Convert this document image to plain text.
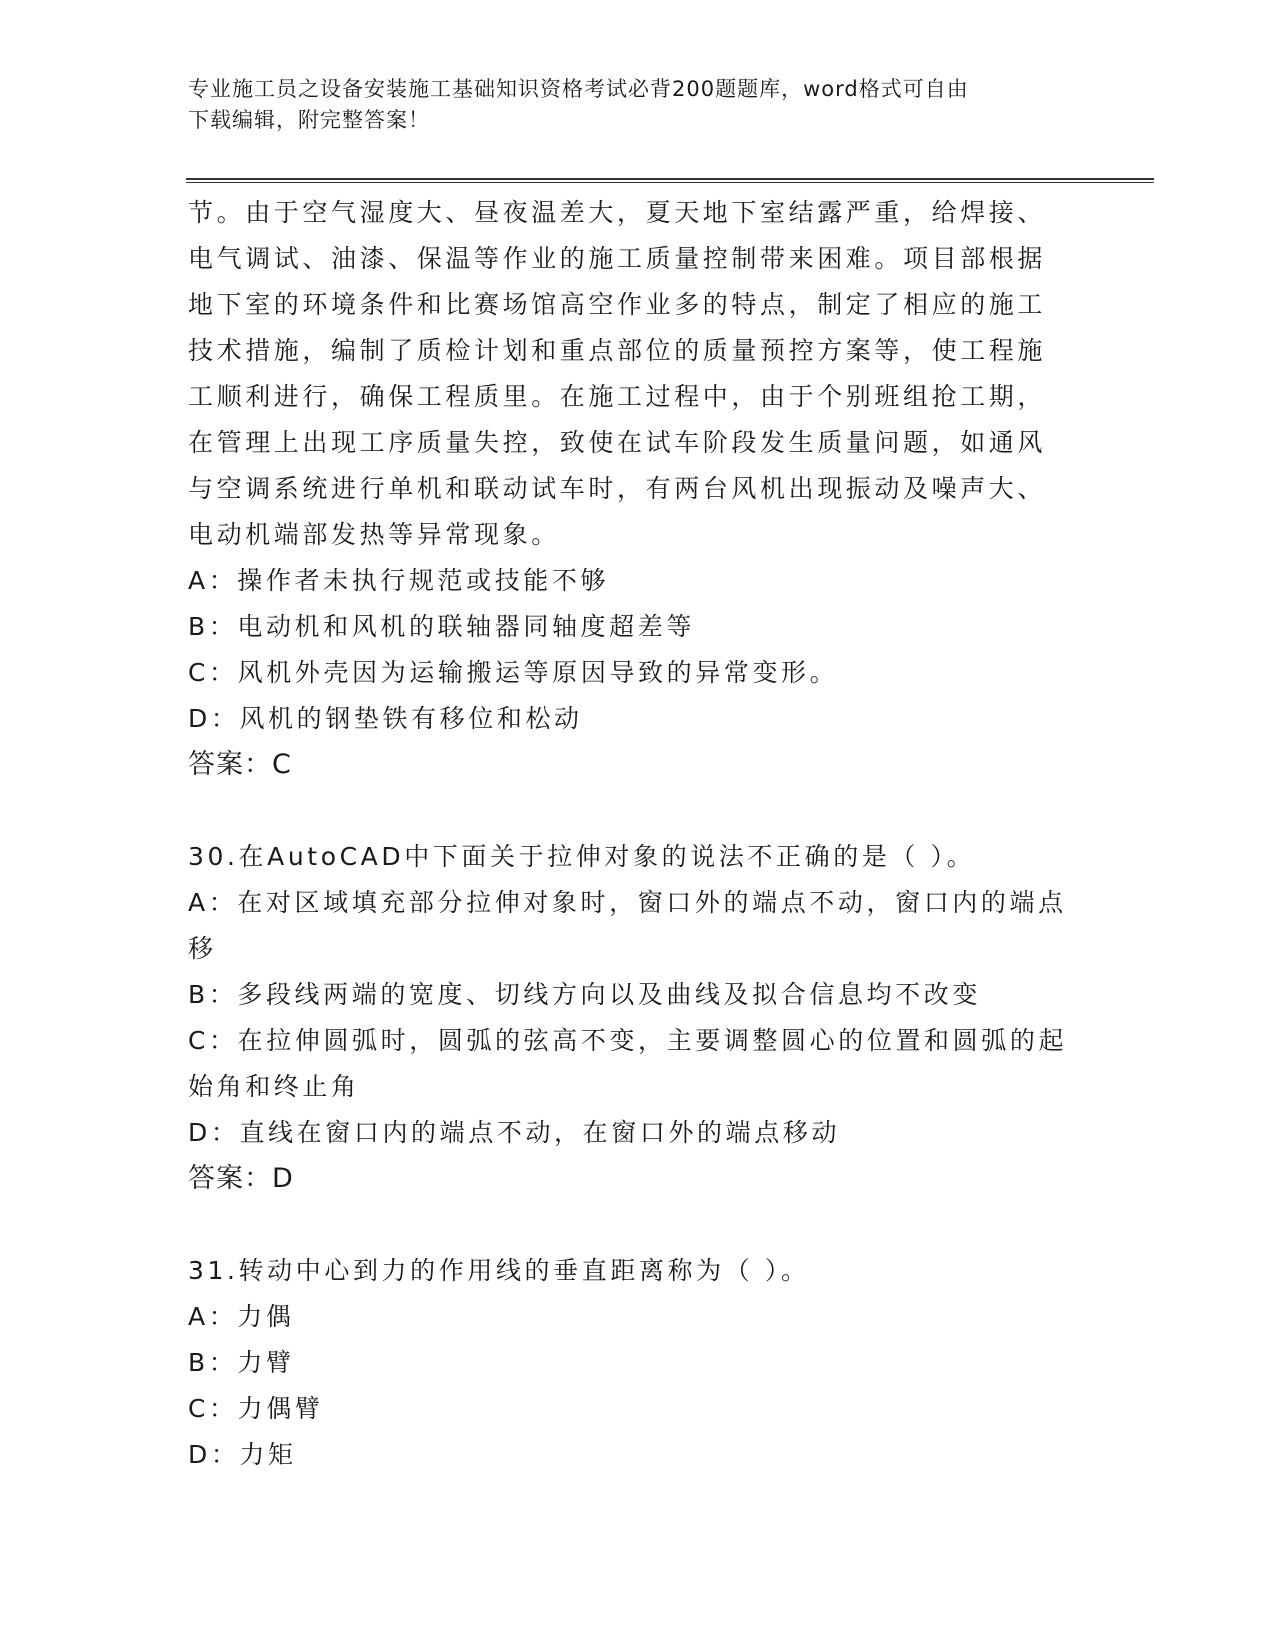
专业施工员之设备安装施工基础知识资格考试必背200题题库，word格式可自由
下载编辑，附完整答案！
节。由于空气湿度大、昼夜温差大，夏天地下室结露严重，给焊接、
电气调试、油漆、保温等作业的施工质量控制带来困难。项目部根据
地下室的环境条件和比赛场馆高空作业多的特点，制定了相应的施工
技术措施，编制了质检计划和重点部位的质量预控方案等，使工程施
工顺利进行，确保工程质里。在施工过程中，由于个别班组抢工期，
在管理上出现工序质量失控，致使在试车阶段发生质量问题，如通风
与空调系统进行单机和联动试车时，有两台风机出现振动及噪声大、
电动机端部发热等异常现象。
A：操作者未执行规范或技能不够
B：电动机和风机的联轴器同轴度超差等
C：风机外壳因为运输搬运等原因导致的异常变形。
D：风机的钢垫铁有移位和松动
答案：C
30.在AutoCAD中下面关于拉伸对象的说法不正确的是（ ）。
A：在对区域填充部分拉伸对象时，窗口外的端点不动，窗口内的端点
移
B：多段线两端的宽度、切线方向以及曲线及拟合信息均不改变
C：在拉伸圆弧时，圆弧的弦高不变，主要调整圆心的位置和圆弧的起
始角和终止角
D：直线在窗口内的端点不动，在窗口外的端点移动
答案：D
31.转动中心到力的作用线的垂直距离称为（ ）。
A：力偶
B：力臂
C：力偶臂
D：力矩
